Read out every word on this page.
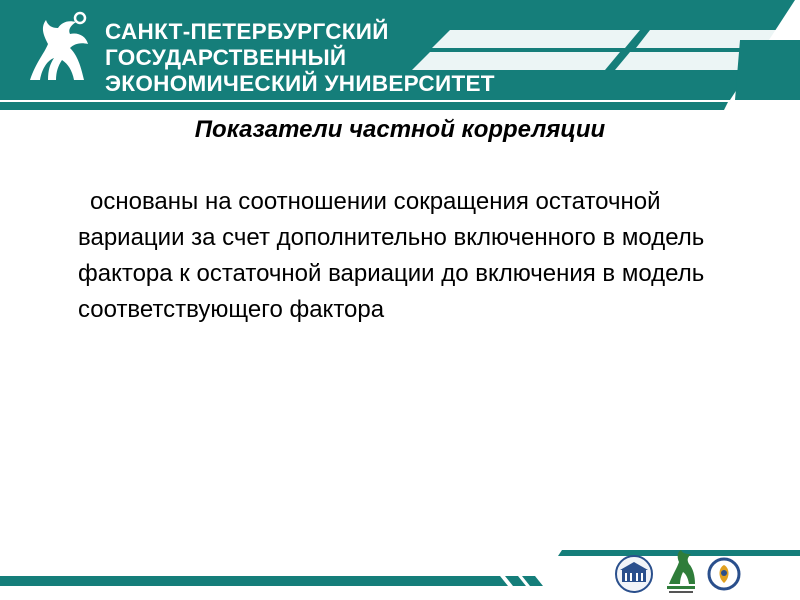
САНКТ-ПЕТЕРБУРГСКИЙ
ГОСУДАРСТВЕННЫЙ
ЭКОНОМИЧЕСКИЙ УНИВЕРСИТЕТ
Показатели частной корреляции

основаны на соотношении сокращения остаточной вариации за счет дополнительно включенного в модель фактора к остаточной вариации до включения в модель соответствующего фактора
